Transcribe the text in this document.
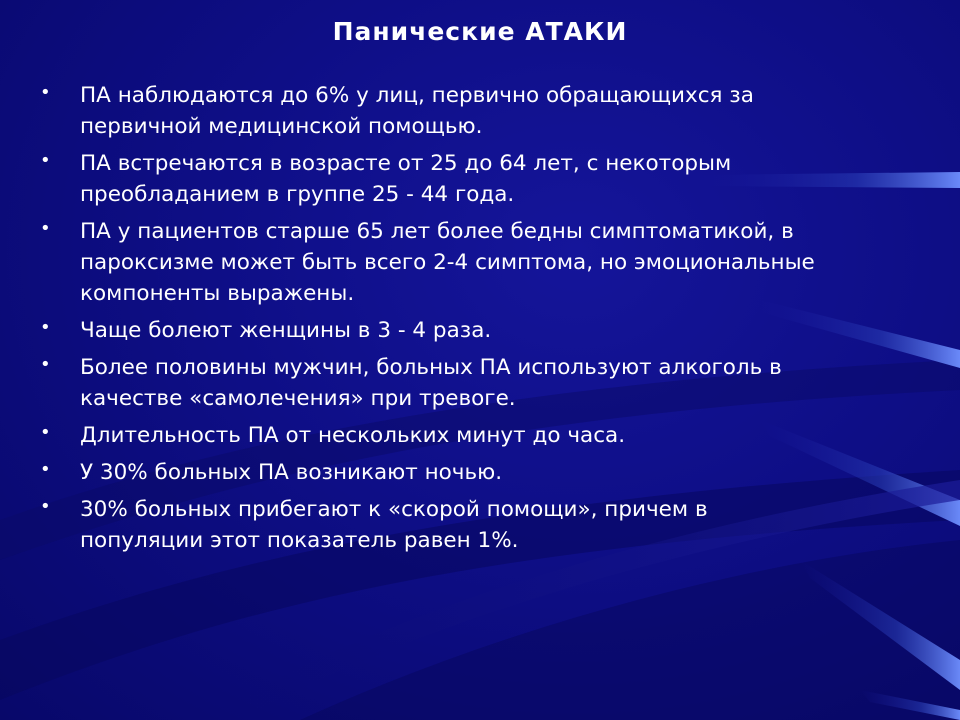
Панические АТАКИ
• ПА наблюдаются до 6% у лиц, первично обращающихся за
первичной медицинской помощью.
• ПА встречаются в возрасте от 25 до 64 лет, с некоторым
преобладанием в группе 25 - 44 года.
• ПА у пациентов старше 65 лет более бедны симптоматикой, в
пароксизме может быть всего 2-4 симптома, но эмоциональные
компоненты выражены.
• Чаще болеют женщины в 3 - 4 раза.
• Более половины мужчин, больных ПА используют алкоголь в
качестве «самолечения» при тревоге.
• Длительность ПА от нескольких минут до часа.
• У 30% больных ПА возникают ночью.
• 30% больных прибегают к «скорой помощи», причем в
популяции этот показатель равен 1%.
